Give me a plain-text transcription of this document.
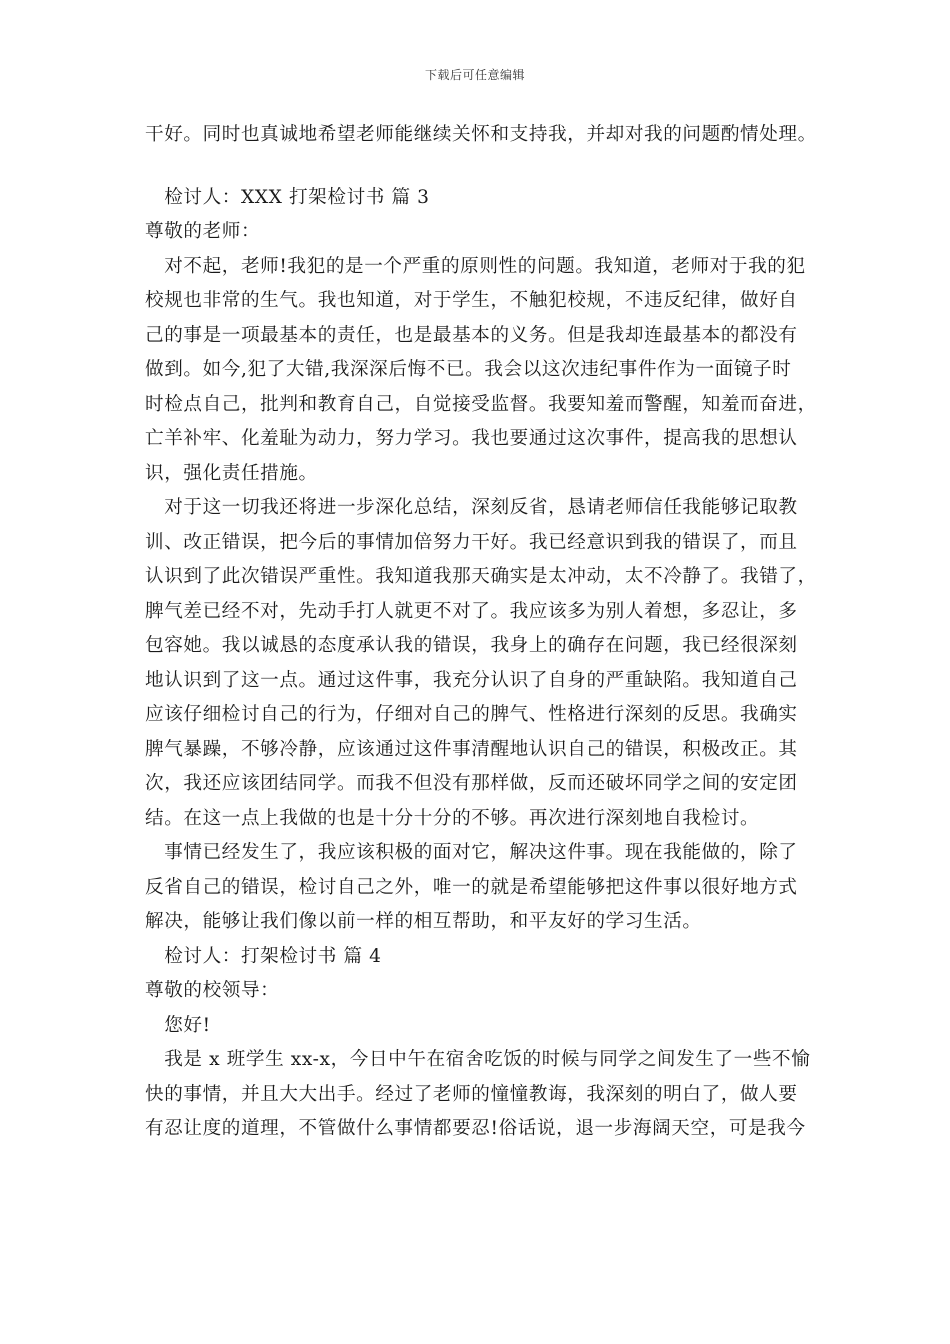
下载后可任意编辑
干好。同时也真诚地希望老师能继续关怀和支持我，并却对我的问题酌情处理。
　检讨人：XXX 打架检讨书 篇 3
尊敬的老师：
　对不起，老师!我犯的是一个严重的原则性的问题。我知道，老师对于我的犯
校规也非常的生气。我也知道，对于学生，不触犯校规，不违反纪律，做好自
己的事是一项最基本的责任，也是最基本的义务。但是我却连最基本的都没有
做到。如今,犯了大错,我深深后悔不已。我会以这次违纪事件作为一面镜子时
时检点自己，批判和教育自己，自觉接受监督。我要知羞而警醒，知羞而奋进，
亡羊补牢、化羞耻为动力，努力学习。我也要通过这次事件，提高我的思想认
识，强化责任措施。
　对于这一切我还将进一步深化总结，深刻反省，恳请老师信任我能够记取教
训、改正错误，把今后的事情加倍努力干好。我已经意识到我的错误了，而且
认识到了此次错误严重性。我知道我那天确实是太冲动，太不冷静了。我错了，
脾气差已经不对，先动手打人就更不对了。我应该多为别人着想，多忍让，多
包容她。我以诚恳的态度承认我的错误，我身上的确存在问题，我已经很深刻
地认识到了这一点。通过这件事，我充分认识了自身的严重缺陷。我知道自己
应该仔细检讨自己的行为，仔细对自己的脾气、性格进行深刻的反思。我确实
脾气暴躁，不够冷静，应该通过这件事清醒地认识自己的错误，积极改正。其
次，我还应该团结同学。而我不但没有那样做，反而还破坏同学之间的安定团
结。在这一点上我做的也是十分十分的不够。再次进行深刻地自我检讨。
　事情已经发生了，我应该积极的面对它，解决这件事。现在我能做的，除了
反省自己的错误，检讨自己之外，唯一的就是希望能够把这件事以很好地方式
解决，能够让我们像以前一样的相互帮助，和平友好的学习生活。
　检讨人：打架检讨书 篇 4
尊敬的校领导：
　您好!
　我是 x 班学生 xx-x，今日中午在宿舍吃饭的时候与同学之间发生了一些不愉
快的事情，并且大大出手。经过了老师的憧憧教诲，我深刻的明白了，做人要
有忍让度的道理，不管做什么事情都要忍!俗话说，退一步海阔天空，可是我今
